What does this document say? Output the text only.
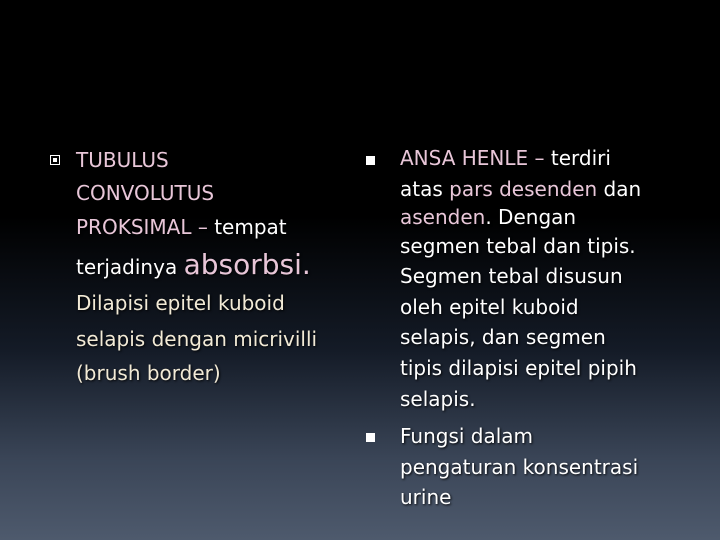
TUBULUS
CONVOLUTUS
PROKSIMAL – tempat
terjadinya absorbsi.
Dilapisi epitel kuboid
selapis dengan micrivilli
(brush border)
ANSA HENLE – terdiri
atas pars desenden dan
asenden. Dengan
segmen tebal dan tipis.
Segmen tebal disusun
oleh epitel kuboid
selapis, dan segmen
tipis dilapisi epitel pipih
selapis.
Fungsi dalam
pengaturan konsentrasi
urine
